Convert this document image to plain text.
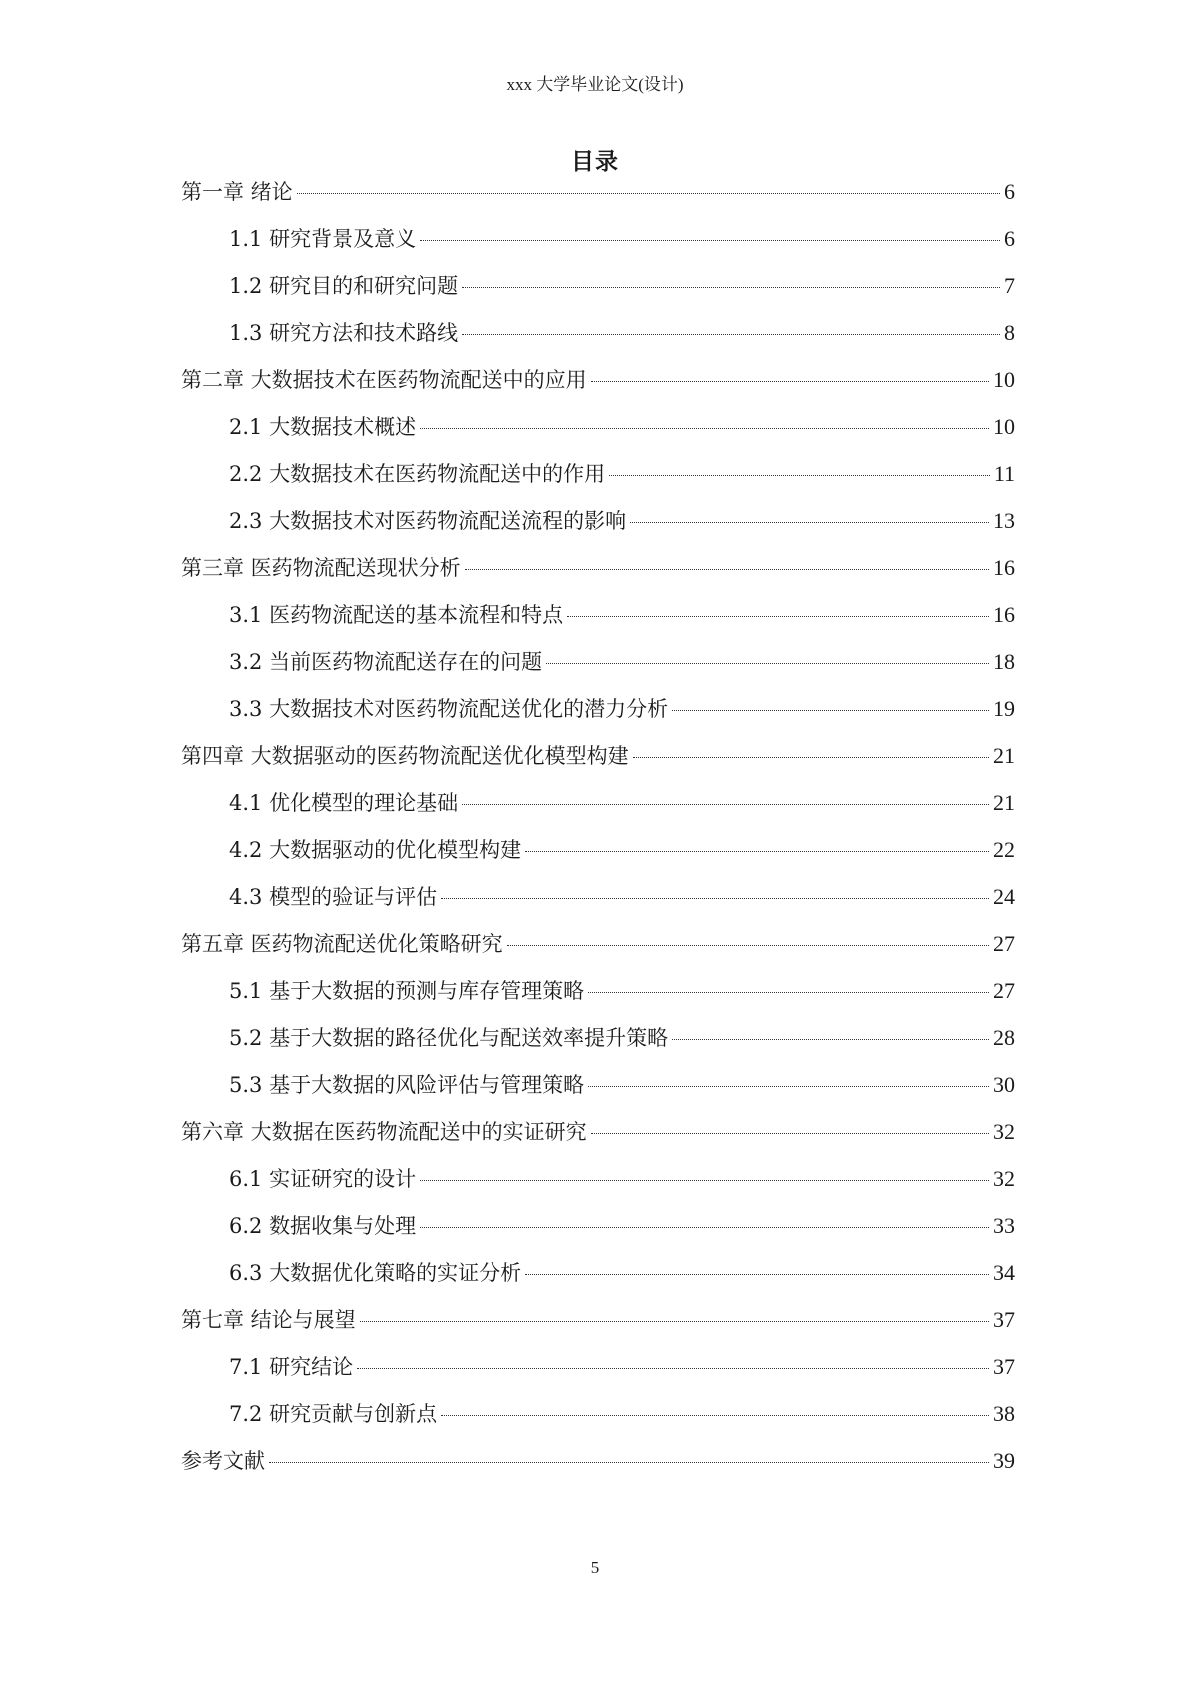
xxx 大学毕业论文(设计)
目录
第一章 绪论	6
1.1 研究背景及意义	6
1.2 研究目的和研究问题	7
1.3 研究方法和技术路线	8
第二章 大数据技术在医药物流配送中的应用	10
2.1 大数据技术概述	10
2.2 大数据技术在医药物流配送中的作用	11
2.3 大数据技术对医药物流配送流程的影响	13
第三章 医药物流配送现状分析	16
3.1 医药物流配送的基本流程和特点	16
3.2 当前医药物流配送存在的问题	18
3.3 大数据技术对医药物流配送优化的潜力分析	19
第四章 大数据驱动的医药物流配送优化模型构建	21
4.1 优化模型的理论基础	21
4.2 大数据驱动的优化模型构建	22
4.3 模型的验证与评估	24
第五章 医药物流配送优化策略研究	27
5.1 基于大数据的预测与库存管理策略	27
5.2 基于大数据的路径优化与配送效率提升策略	28
5.3 基于大数据的风险评估与管理策略	30
第六章 大数据在医药物流配送中的实证研究	32
6.1 实证研究的设计	32
6.2 数据收集与处理	33
6.3 大数据优化策略的实证分析	34
第七章 结论与展望	37
7.1 研究结论	37
7.2 研究贡献与创新点	38
参考文献	39
5
